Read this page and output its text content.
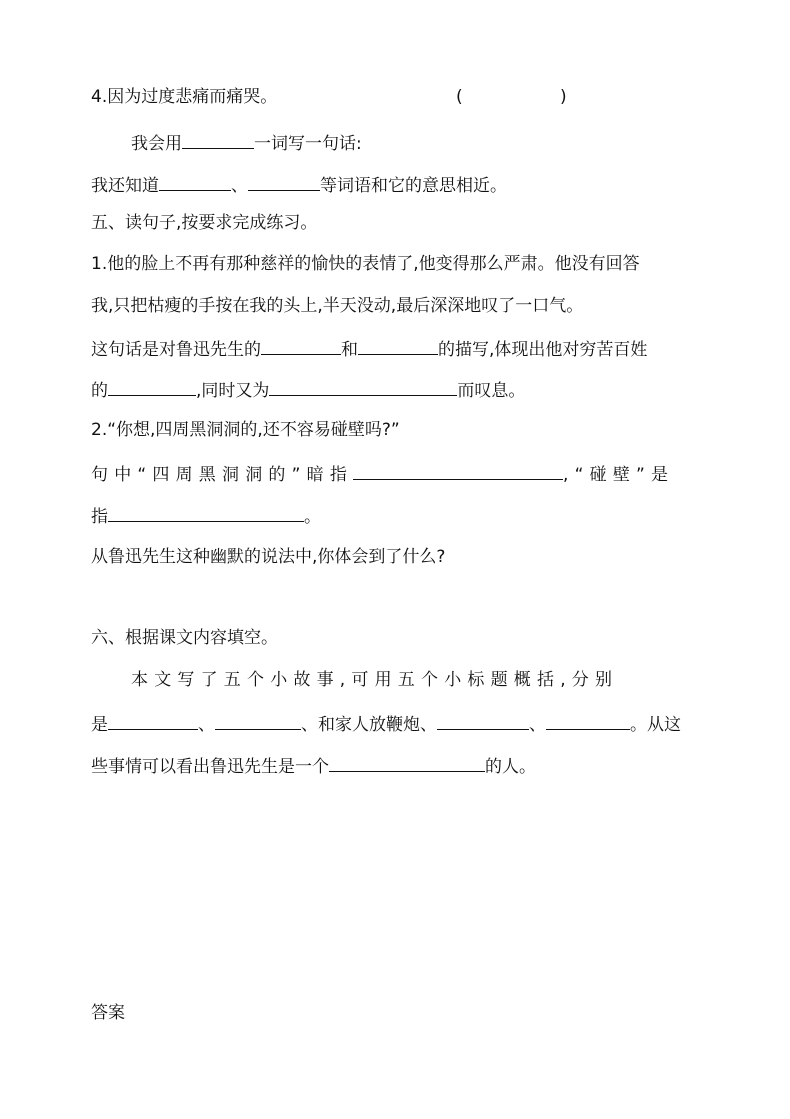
4.因为过度悲痛而痛哭。	(	)
我会用	一词写一句话:
我还知道	、	等词语和它的意思相近。
五、读句子,按要求完成练习。
1.他的脸上不再有那种慈祥的愉快的表情了,他变得那么严肃。他没有回答
我,只把枯瘦的手按在我的头上,半天没动,最后深深地叹了一口气。
这句话是对鲁迅先生的	和	的描写,体现出他对穷苦百姓
的	,同时又为	而叹息。
2.“你想,四周黑洞洞的,还不容易碰壁吗?”
句中“四周黑洞洞的”暗指	,“碰壁”是
指	。
从鲁迅先生这种幽默的说法中,你体会到了什么?
六、根据课文内容填空。
本文写了五个小故事,可用五个小标题概括,分别
是	、	、和家人放鞭炮、	、	。从这
些事情可以看出鲁迅先生是一个	的人。
答案
